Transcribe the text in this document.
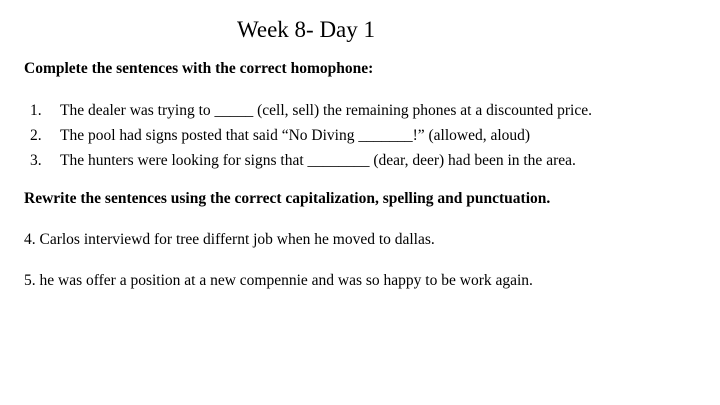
Week 8- Day 1
Complete the sentences with the correct homophone:
1.	The dealer was trying to _____ (cell, sell) the remaining phones at a discounted price.
2.	The pool had signs posted that said “No Diving _______!” (allowed, aloud)
3.	The hunters were looking for signs that ________ (dear, deer) had been in the area.
Rewrite the sentences using the correct capitalization, spelling and punctuation.
4. Carlos interviewd for tree differnt job when he moved to dallas.
5. he was offer a position at a new compennie and was so happy to be work again.
